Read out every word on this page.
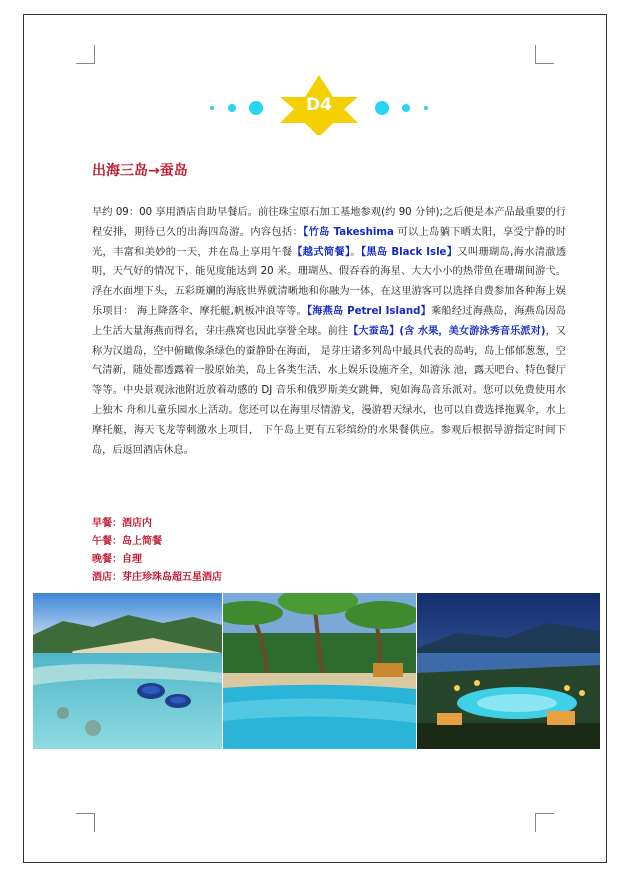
D4
出海三岛→蚕岛
早约 09：00 享用酒店自助早餐后。前往珠宝原石加工基地参观(约 90 分钟);之后便是本产品最重要的行程安排，期待已久的出海四岛游。内容包括：【竹岛 Takeshima 可以上岛躺下晒太阳，享受宁静的时光，丰富和美妙的一天，并在岛上享用午餐【越式简餐】。【黑岛 Black Isle】又叫珊瑚岛,海水清澈透明，天气好的情况下，能见度能达到 20 米。珊瑚丛、假吞吞的海星、大大小小的热带鱼在珊瑚间游弋。浮在水面埋下头，五彩斑斓的海底世界就清晰地和你融为一体，在这里游客可以选择自费参加各种海上娱乐项目： 海上降落伞、摩托艇,帆板冲浪等等。【海燕岛 Petrel Island】乘船经过海燕岛，海燕岛因岛上生活大量海燕而得名，芽庄燕窝也因此享誉全球。前往【大蚕岛】(含 水果，美女游泳秀音乐派对)，又称为汉道岛，空中俯瞰像条绿色的蚕静卧在海面， 是芽庄诸多列岛中最具代表的岛屿，岛上郁郁葱葱，空气清新，随处都透露着一股原始美，岛上各类生活、水上娱乐设施齐全，如游泳 池，露天吧台、特色餐厅等等。中央景观泳池附近放着动感的 DJ 音乐和俄罗斯美女跳舞，宛如海岛音乐派对。您可以免费使用水上独木 舟和儿童乐园水上活动。您还可以在海里尽情游戈，漫游碧天绿水，也可以自费选择拖翼伞，水上摩托艇，海天飞龙等刺激水上项目， 下午岛上更有五彩缤纷的水果餐供应。参观后根据导游指定时间下岛，后返回酒店休息。
早餐：酒店内
午餐：岛上简餐
晚餐：自理
酒店：芽庄珍珠岛超五星酒店
